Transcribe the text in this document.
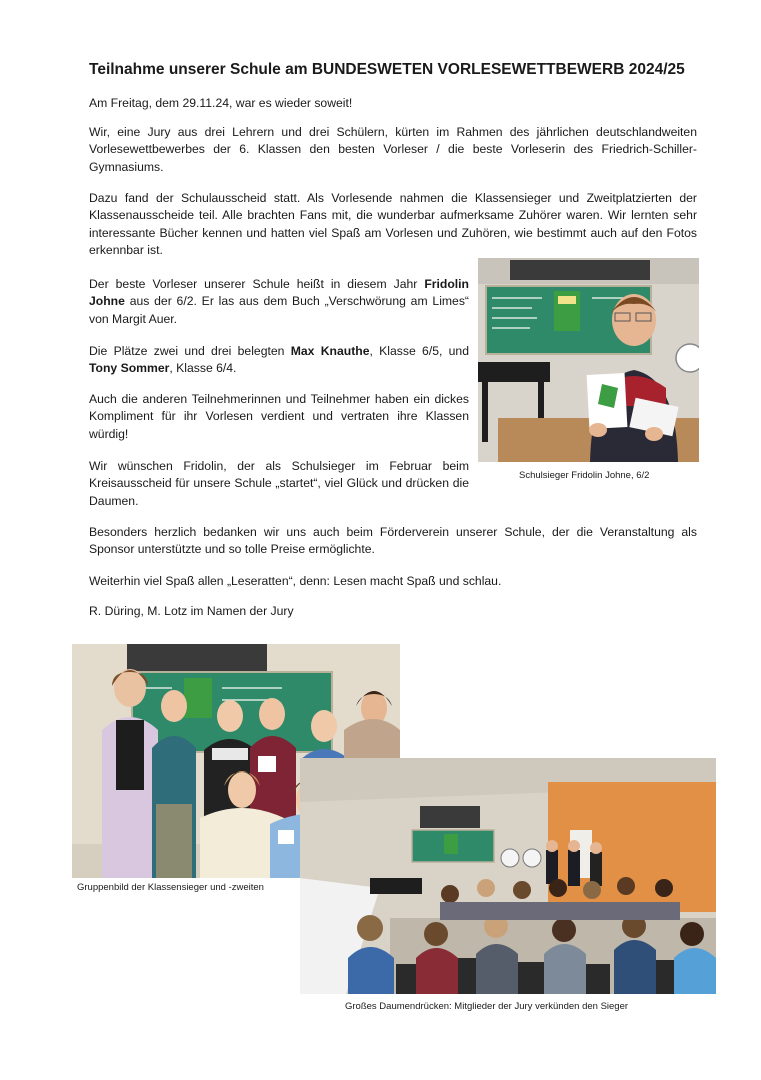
Teilnahme unserer Schule am BUNDESWETEN VORLESEWETTBEWERB 2024/25

Am Freitag, dem 29.11.24, war es wieder soweit!

Wir, eine Jury aus drei Lehrern und drei Schülern, kürten im Rahmen des jährlichen deutschlandweiten Vorlesewettbewerbes der 6. Klassen den besten Vorleser / die beste Vorleserin des Friedrich-Schiller-Gymnasiums.

Dazu fand der Schulausscheid statt. Als Vorlesende nahmen die Klassensieger und Zweitplatzierten der Klassenausscheide teil. Alle brachten Fans mit, die wunderbar aufmerksame Zuhörer waren. Wir lernten sehr interessante Bücher kennen und hatten viel Spaß am Vorlesen und Zuhören, wie bestimmt auch auf den Fotos erkennbar ist.

Der beste Vorleser unserer Schule heißt in diesem Jahr Fridolin Johne aus der 6/2. Er las aus dem Buch „Verschwörung am Limes“ von Margit Auer.

Die Plätze zwei und drei belegten Max Knauthe, Klasse 6/5, und Tony Sommer, Klasse 6/4.

Auch die anderen Teilnehmerinnen und Teilnehmer haben ein dickes Kompliment für ihr Vorlesen verdient und vertraten ihre Klassen würdig!

Wir wünschen Fridolin, der als Schulsieger im Februar beim Kreisausscheid für unsere Schule „startet“, viel Glück und drücken die Daumen.

Besonders herzlich bedanken wir uns auch beim Förderverein unserer Schule, der die Veranstaltung als Sponsor unterstützte und so tolle Preise ermöglichte.

Weiterhin viel Spaß allen „Leseratten“, denn: Lesen macht Spaß und schlau.

R. Düring, M. Lotz im Namen der Jury

Schulsieger Fridolin Johne, 6/2

Gruppenbild der Klassensieger und -zweiten

Großes Daumendrücken: Mitglieder der Jury verkünden den Sieger
